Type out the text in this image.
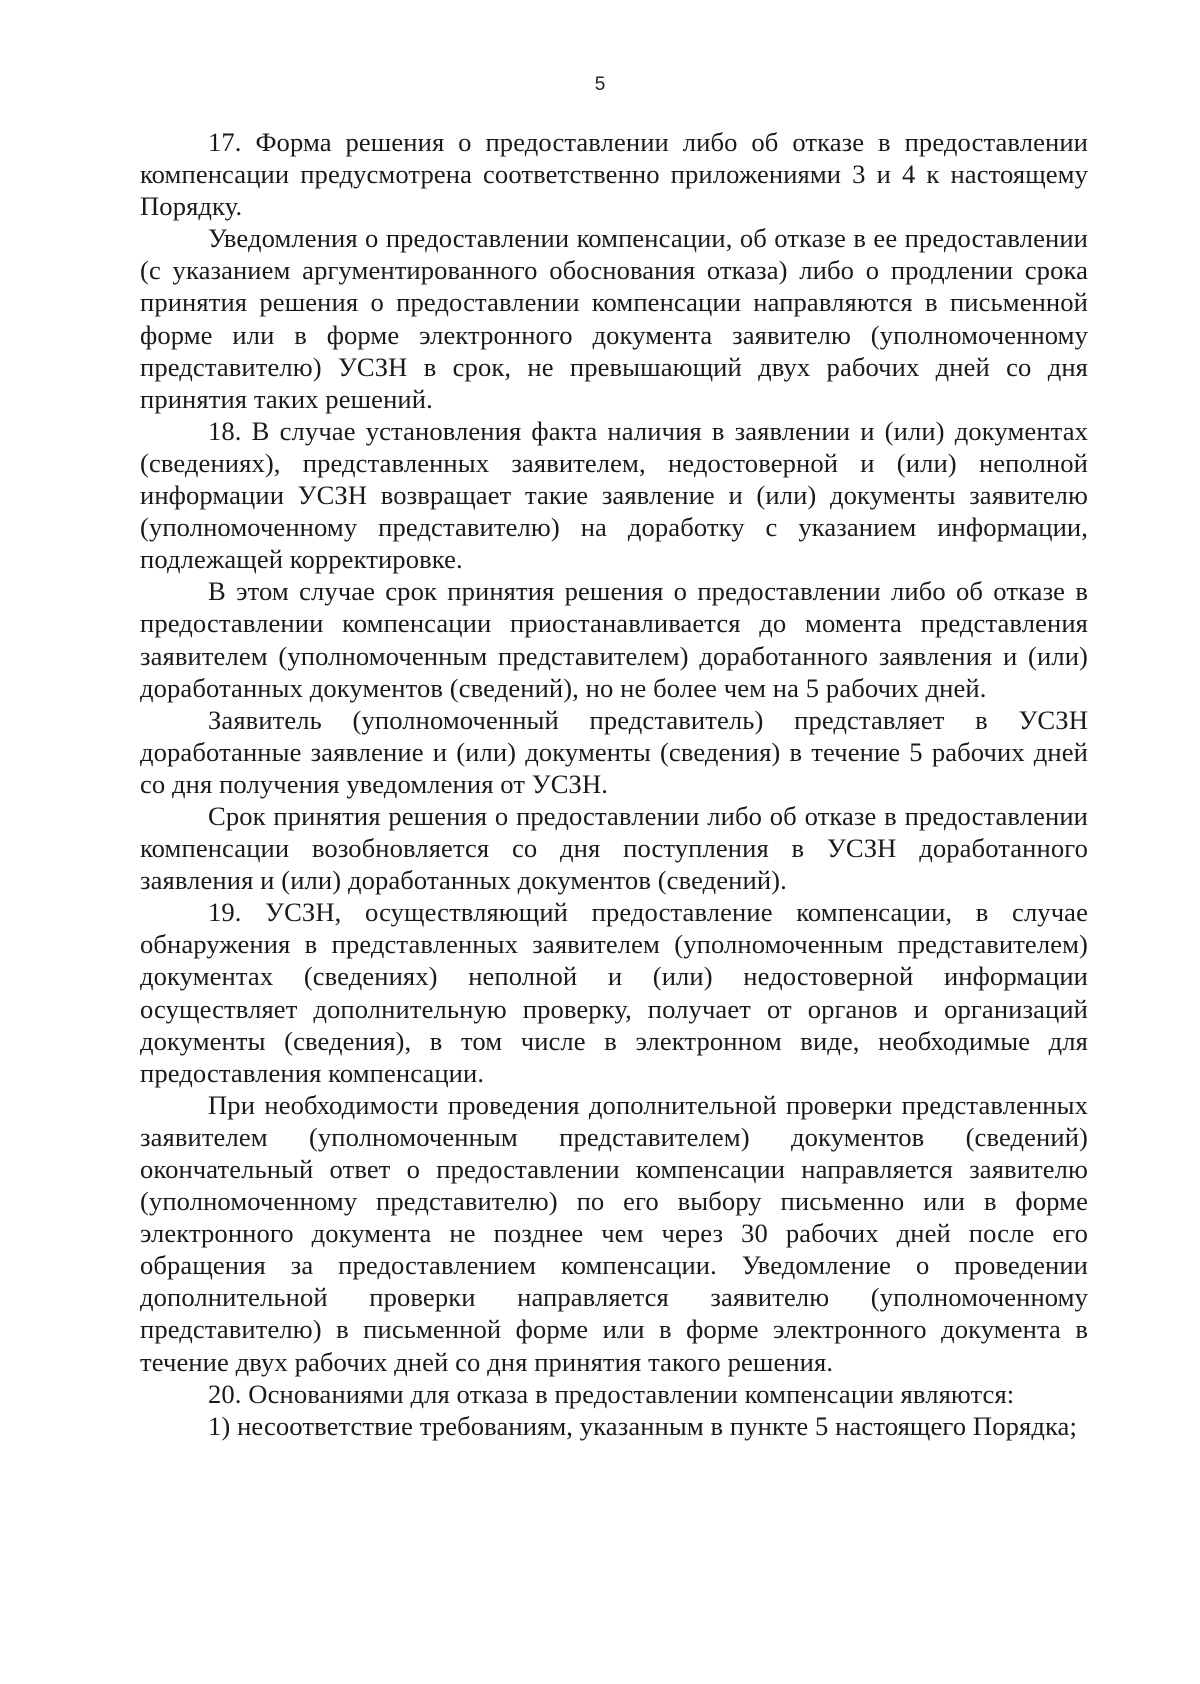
5

17. Форма решения о предоставлении либо об отказе в предоставлении компенсации предусмотрена соответственно приложениями 3 и 4 к настоящему Порядку.

Уведомления о предоставлении компенсации, об отказе в ее предоставлении (с указанием аргументированного обоснования отказа) либо о продлении срока принятия решения о предоставлении компенсации направляются в письменной форме или в форме электронного документа заявителю (уполномоченному представителю) УСЗН в срок, не превышающий двух рабочих дней со дня принятия таких решений.

18. В случае установления факта наличия в заявлении и (или) документах (сведениях), представленных заявителем, недостоверной и (или) неполной информации УСЗН возвращает такие заявление и (или) документы заявителю (уполномоченному представителю) на доработку с указанием информации, подлежащей корректировке.

В этом случае срок принятия решения о предоставлении либо об отказе в предоставлении компенсации приостанавливается до момента представления заявителем (уполномоченным представителем) доработанного заявления и (или) доработанных документов (сведений), но не более чем на 5 рабочих дней.

Заявитель (уполномоченный представитель) представляет в УСЗН доработанные заявление и (или) документы (сведения) в течение 5 рабочих дней со дня получения уведомления от УСЗН.

Срок принятия решения о предоставлении либо об отказе в предоставлении компенсации возобновляется со дня поступления в УСЗН доработанного заявления и (или) доработанных документов (сведений).

19. УСЗН, осуществляющий предоставление компенсации, в случае обнаружения в представленных заявителем (уполномоченным представителем) документах (сведениях) неполной и (или) недостоверной информации осуществляет дополнительную проверку, получает от органов и организаций документы (сведения), в том числе в электронном виде, необходимые для предоставления компенсации.

При необходимости проведения дополнительной проверки представленных заявителем (уполномоченным представителем) документов (сведений) окончательный ответ о предоставлении компенсации направляется заявителю (уполномоченному представителю) по его выбору письменно или в форме электронного документа не позднее чем через 30 рабочих дней после его обращения за предоставлением компенсации. Уведомление о проведении дополнительной проверки направляется заявителю (уполномоченному представителю) в письменной форме или в форме электронного документа в течение двух рабочих дней со дня принятия такого решения.

20. Основаниями для отказа в предоставлении компенсации являются:

1) несоответствие требованиям, указанным в пункте 5 настоящего Порядка;
